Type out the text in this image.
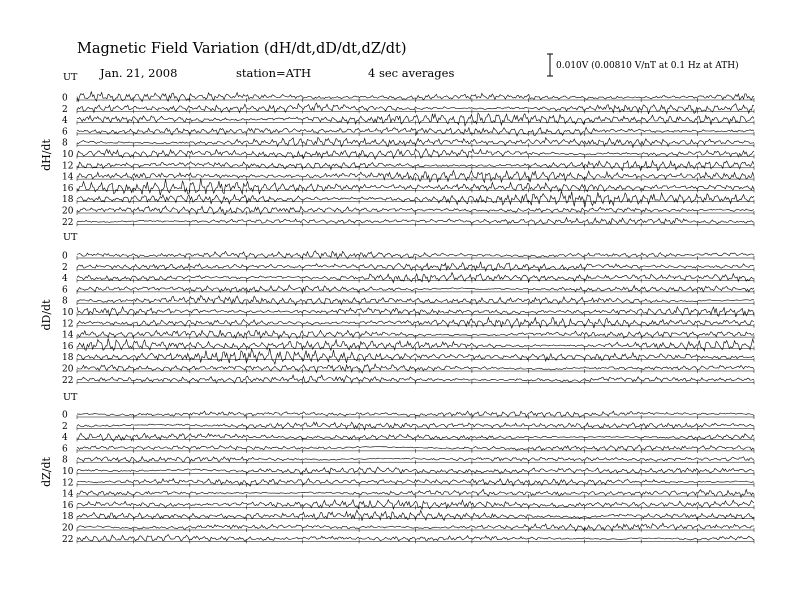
Magnetic Field Variation (dH/dt,dD/dt,dZ/dt)
Jan. 21, 2008	station=ATH	4 sec averages	0.010V (0.00810 V/nT at 0.1 Hz at ATH)
UT
dH/dt
0
2
4
6
8
10
12
14
16
18
20
22
UT
dD/dt
0
2
4
6
8
10
12
14
16
18
20
22
UT
dZ/dt
0
2
4
6
8
10
12
14
16
18
20
22
